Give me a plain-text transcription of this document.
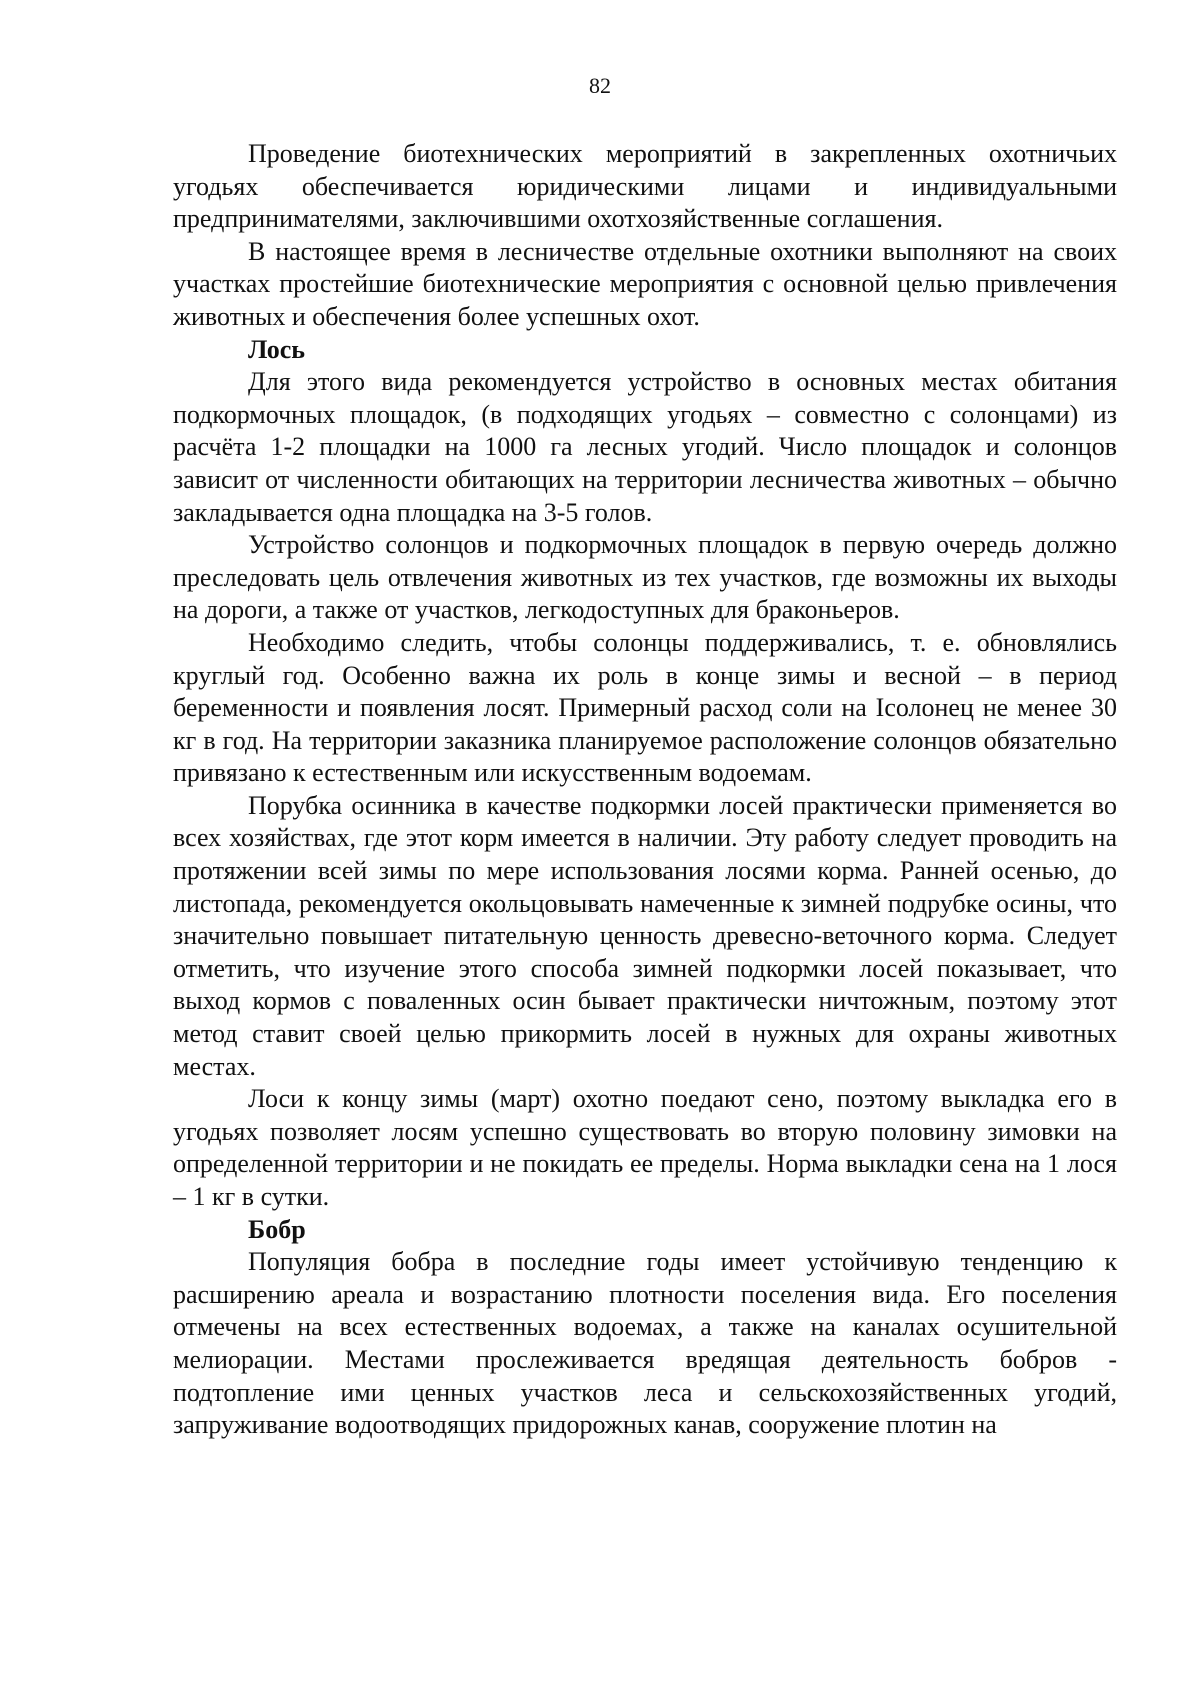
82

Проведение биотехнических мероприятий в закрепленных охотничьих угодьях обеспечивается юридическими лицами и индивидуальными предпринимателями, заключившими охотхозяйственные соглашения.

В настоящее время в лесничестве отдельные охотники выполняют на своих участках простейшие биотехнические мероприятия с основной целью привлечения животных и обеспечения более успешных охот.

Лось

Для этого вида рекомендуется устройство в основных местах обитания подкормочных площадок, (в подходящих угодьях – совместно с солонцами) из расчёта 1-2 площадки на 1000 га лесных угодий. Число площадок и солонцов зависит от численности обитающих на территории лесничества животных – обычно закладывается одна площадка на 3-5 голов.

Устройство солонцов и подкормочных площадок в первую очередь должно преследовать цель отвлечения животных из тех участков, где возможны их выходы на дороги, а также от участков, легкодоступных для браконьеров.

Необходимо следить, чтобы солонцы поддерживались, т. е. обновлялись круглый год. Особенно важна их роль в конце зимы и весной – в период беременности и появления лосят. Примерный расход соли на Iсолонец не менее 30 кг в год. На территории заказника планируемое расположение солонцов обязательно привязано к естественным или искусственным водоемам.

Порубка осинника в качестве подкормки лосей практически применяется во всех хозяйствах, где этот корм имеется в наличии. Эту работу следует проводить на протяжении всей зимы по мере использования лосями корма. Ранней осенью, до листопада, рекомендуется окольцовывать намеченные к зимней подрубке осины, что значительно повышает питательную ценность древесно-веточного корма. Следует отметить, что изучение этого способа зимней подкормки лосей показывает, что выход кормов с поваленных осин бывает практически ничтожным, поэтому этот метод ставит своей целью прикормить лосей в нужных для охраны животных местах.

Лоси к концу зимы (март) охотно поедают сено, поэтому выкладка его в угодьях позволяет лосям успешно существовать во вторую половину зимовки на определенной территории и не покидать ее пределы. Норма выкладки сена на 1 лося – 1 кг в сутки.

Бобр

Популяция бобра в последние годы имеет устойчивую тенденцию к расширению ареала и возрастанию плотности поселения вида. Его поселения отмечены на всех естественных водоемах, а также на каналах осушительной мелиорации. Местами прослеживается вредящая деятельность бобров - подтопление ими ценных участков леса и сельскохозяйственных угодий, запруживание водоотводящих придорожных канав, сооружение плотин на
